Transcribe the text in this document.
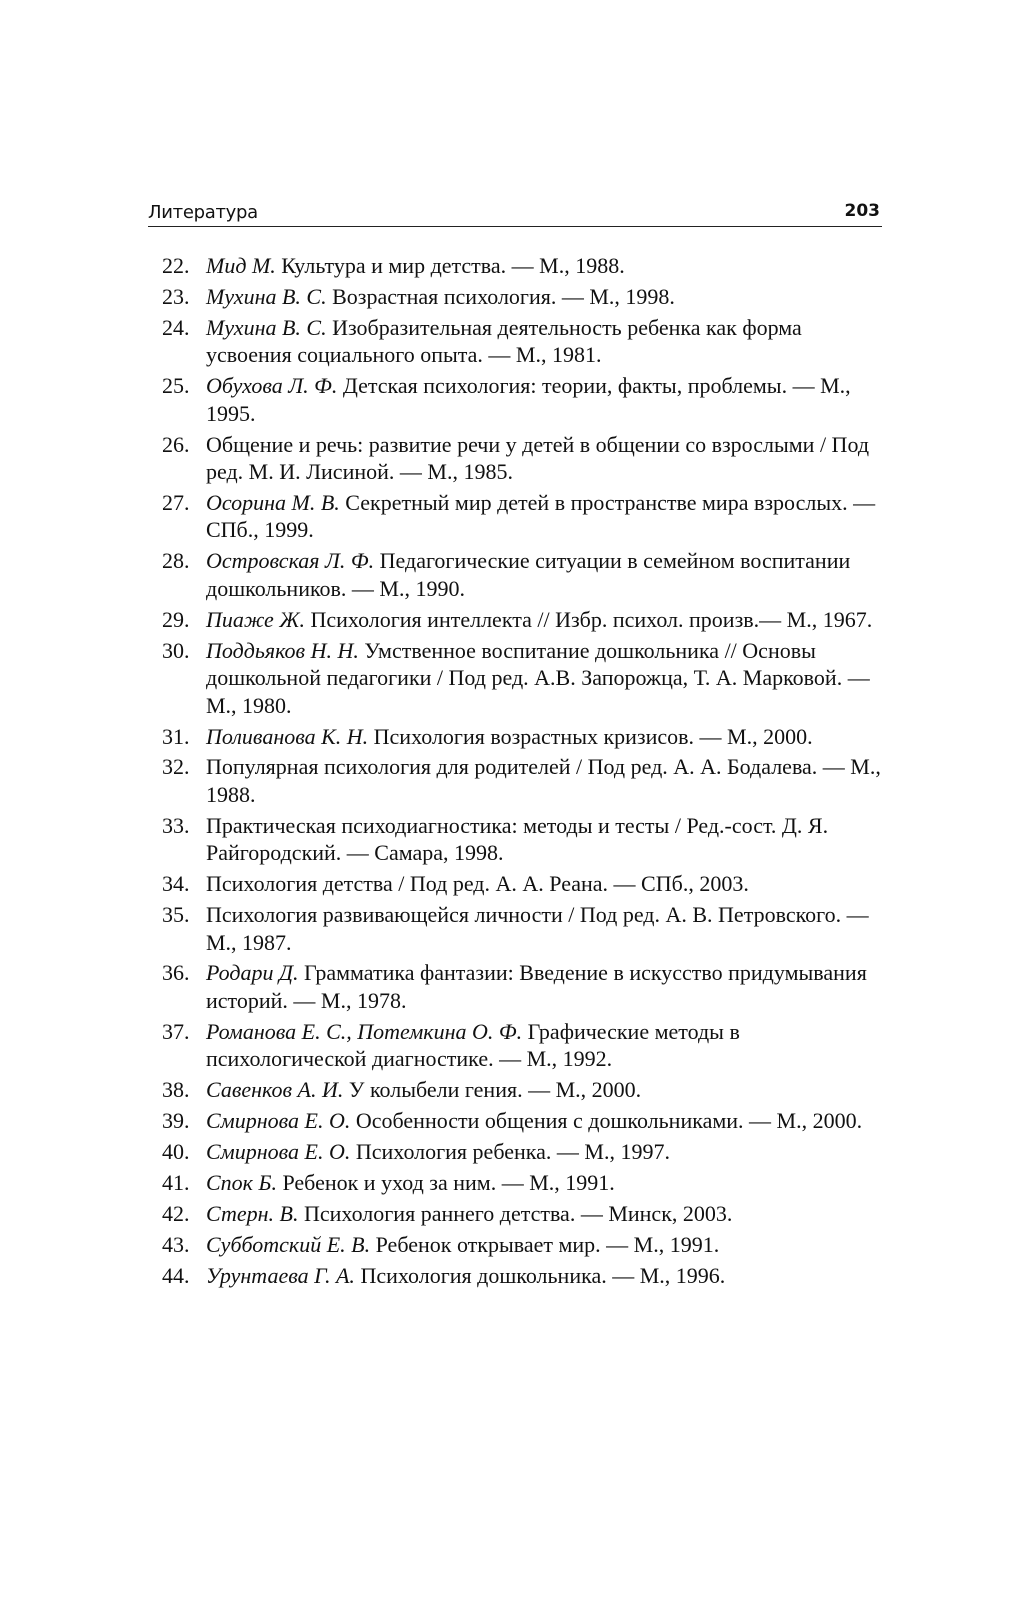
Литература	203
22. Мид М. Культура и мир детства. — М., 1988.
23. Мухина В. С. Возрастная психология. — М., 1998.
24. Мухина В. С. Изобразительная деятельность ребенка как форма усвоения социального опыта. — М., 1981.
25. Обухова Л. Ф. Детская психология: теории, факты, проблемы. — М., 1995.
26. Общение и речь: развитие речи у детей в общении со взрослыми / Под ред. М. И. Лисиной. — М., 1985.
27. Осорина М. В. Секретный мир детей в пространстве мира взрослых. — СПб., 1999.
28. Островская Л. Ф. Педагогические ситуации в семейном воспитании дошкольников. — М., 1990.
29. Пиаже Ж. Психология интеллекта // Избр. психол. произв.— М., 1967.
30. Поддьяков Н. Н. Умственное воспитание дошкольника // Основы дошкольной педагогики / Под ред. А.В. Запорожца, Т. А. Марковой. — М., 1980.
31. Поливанова К. Н. Психология возрастных кризисов. — М., 2000.
32. Популярная психология для родителей / Под ред. А. А. Бодалева. — М., 1988.
33. Практическая психодиагностика: методы и тесты / Ред.-сост. Д. Я. Райгородский. — Самара, 1998.
34. Психология детства / Под ред. А. А. Реана. — СПб., 2003.
35. Психология развивающейся личности / Под ред. А. В. Петровского. — М., 1987.
36. Родари Д. Грамматика фантазии: Введение в искусство придумывания историй. — М., 1978.
37. Романова Е. С., Потемкина О. Ф. Графические методы в психологической диагностике. — М., 1992.
38. Савенков А. И. У колыбели гения. — М., 2000.
39. Смирнова Е. О. Особенности общения с дошкольниками. — М., 2000.
40. Смирнова Е. О. Психология ребенка. — М., 1997.
41. Спок Б. Ребенок и уход за ним. — М., 1991.
42. Стерн. В. Психология раннего детства. — Минск, 2003.
43. Субботский Е. В. Ребенок открывает мир. — М., 1991.
44. Урунтаева Г. А. Психология дошкольника. — М., 1996.
